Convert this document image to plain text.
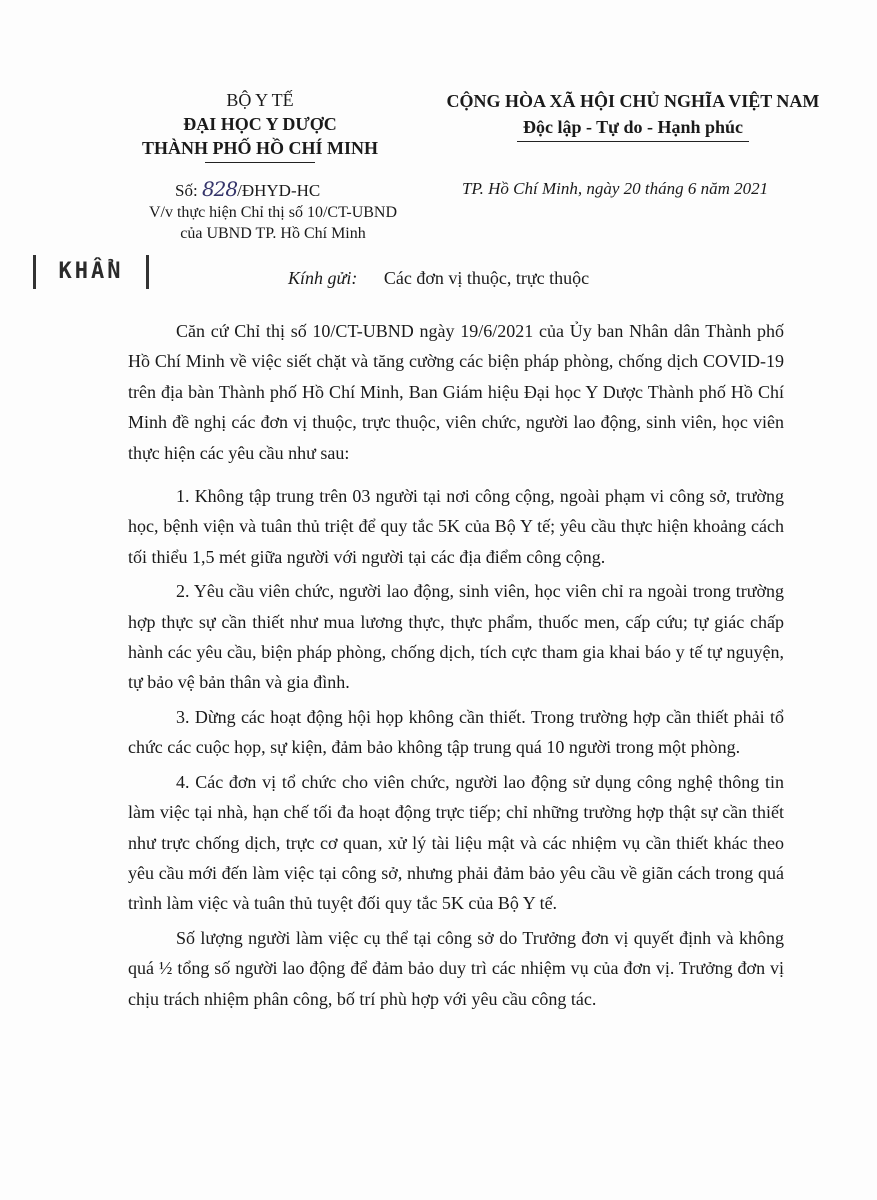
BỘ Y TẾ
ĐẠI HỌC Y DƯỢC
THÀNH PHỐ HỒ CHÍ MINH
CỘNG HÒA XÃ HỘI CHỦ NGHĨA VIỆT NAM
Độc lập - Tự do - Hạnh phúc
Số: 828/ĐHYD-HC
V/v thực hiện Chỉ thị số 10/CT-UBND
của UBND TP. Hồ Chí Minh
TP. Hồ Chí Minh, ngày 20 tháng 6 năm 2021
KHẨN	Kính gửi: Các đơn vị thuộc, trực thuộc

Căn cứ Chỉ thị số 10/CT-UBND ngày 19/6/2021 của Ủy ban Nhân dân Thành phố Hồ Chí Minh về việc siết chặt và tăng cường các biện pháp phòng, chống dịch COVID-19 trên địa bàn Thành phố Hồ Chí Minh, Ban Giám hiệu Đại học Y Dược Thành phố Hồ Chí Minh đề nghị các đơn vị thuộc, trực thuộc, viên chức, người lao động, sinh viên, học viên thực hiện các yêu cầu như sau:

1. Không tập trung trên 03 người tại nơi công cộng, ngoài phạm vi công sở, trường học, bệnh viện và tuân thủ triệt để quy tắc 5K của Bộ Y tế; yêu cầu thực hiện khoảng cách tối thiểu 1,5 mét giữa người với người tại các địa điểm công cộng.

2. Yêu cầu viên chức, người lao động, sinh viên, học viên chỉ ra ngoài trong trường hợp thực sự cần thiết như mua lương thực, thực phẩm, thuốc men, cấp cứu; tự giác chấp hành các yêu cầu, biện pháp phòng, chống dịch, tích cực tham gia khai báo y tế tự nguyện, tự bảo vệ bản thân và gia đình.

3. Dừng các hoạt động hội họp không cần thiết. Trong trường hợp cần thiết phải tổ chức các cuộc họp, sự kiện, đảm bảo không tập trung quá 10 người trong một phòng.

4. Các đơn vị tổ chức cho viên chức, người lao động sử dụng công nghệ thông tin làm việc tại nhà, hạn chế tối đa hoạt động trực tiếp; chỉ những trường hợp thật sự cần thiết như trực chống dịch, trực cơ quan, xử lý tài liệu mật và các nhiệm vụ cần thiết khác theo yêu cầu mới đến làm việc tại công sở, nhưng phải đảm bảo yêu cầu về giãn cách trong quá trình làm việc và tuân thủ tuyệt đối quy tắc 5K của Bộ Y tế.

Số lượng người làm việc cụ thể tại công sở do Trưởng đơn vị quyết định và không quá ½ tổng số người lao động để đảm bảo duy trì các nhiệm vụ của đơn vị. Trưởng đơn vị chịu trách nhiệm phân công, bố trí phù hợp với yêu cầu công tác.
